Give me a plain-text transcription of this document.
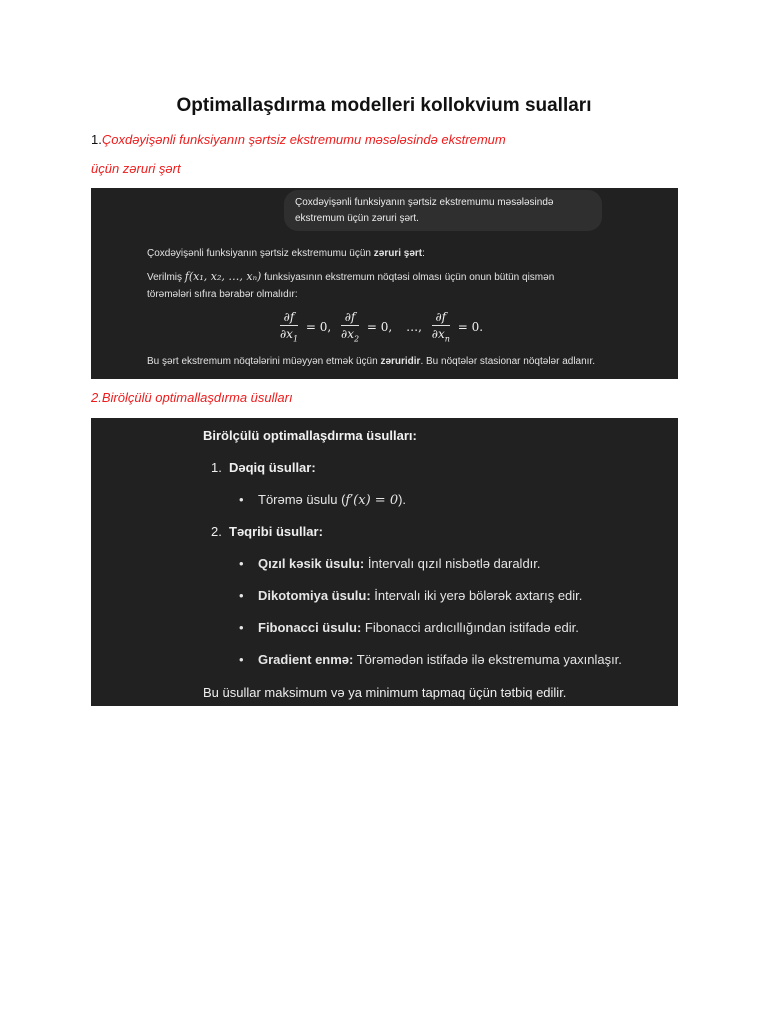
Optimallaşdırma modelleri kollokvium sualları
1.Çoxdəyişənli funksiyanın şərtsiz ekstremumu məsələsində ekstremum
üçün zəruri şərt
Çoxdəyişənli funksiyanın şərtsiz ekstremumu məsələsində
ekstremum üçün zəruri şərt.
Çoxdəyişənli funksiyanın şərtsiz ekstremumu üçün zəruri şərt:
Verilmiş f(x₁, x₂, …, xₙ) funksiyasının ekstremum nöqtəsi olması üçün onun bütün qismən
törəmələri sıfıra bərabər olmalıdır:
$\frac{\partial f}{\partial x_1} = 0$, $\frac{\partial f}{\partial x_2} = 0$, …, $\frac{\partial f}{\partial x_n} = 0$.
Bu şərt ekstremum nöqtələrini müəyyən etmək üçün zəruridir. Bu nöqtələr stasionar nöqtələr adlanır.
2.Birölçülü optimallaşdırma üsulları
Birölçülü optimallaşdırma üsulları:
1. Dəqiq üsullar:
• Törəmə üsulu (f′(x) = 0).
2. Təqribi üsullar:
• Qızıl kəsik üsulu: İntervalı qızıl nisbətlə daraldır.
• Dikotomiya üsulu: İntervalı iki yerə bölərək axtarış edir.
• Fibonacci üsulu: Fibonacci ardıcıllığından istifadə edir.
• Gradient enmə: Törəmədən istifadə ilə ekstremuma yaxınlaşır.
Bu üsullar maksimum və ya minimum tapmaq üçün tətbiq edilir.
